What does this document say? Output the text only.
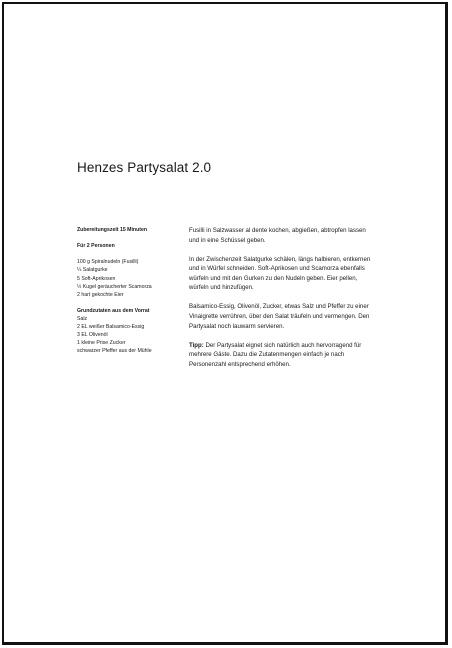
Henzes Partysalat 2.0
Zubereitungszeit 15 Minuten
Für 2 Personen
100 g Spiralnudeln (Fusilli)
¼ Salatgurke
5 Soft-Aprikosen
½ Kugel geräucherter Scamorza
2 hart gekochte Eier
Grundzutaten aus dem Vorrat
Salz
2 EL weißer Balsamico-Essig
3 EL Olivenöl
1 kleine Prise Zucker
schwarzer Pfeffer aus der Mühle

Fusilli in Salzwasser al dente kochen, abgießen, abtropfen lassen und in eine Schüssel geben.

In der Zwischenzeit Salatgurke schälen, längs halbieren, entkernen und in Würfel schneiden. Soft-Aprikosen und Scamorza ebenfalls würfeln und mit den Gurken zu den Nudeln geben. Eier pellen, würfeln und hinzufügen.

Balsamico-Essig, Olivenöl, Zucker, etwas Salz und Pfeffer zu einer Vinaigrette verrühren, über den Salat träufeln und vermengen. Den Partysalat noch lauwarm servieren.

Tipp: Der Partysalat eignet sich natürlich auch hervorragend für mehrere Gäste. Dazu die Zutatenmengen einfach je nach Personenzahl entsprechend erhöhen.
